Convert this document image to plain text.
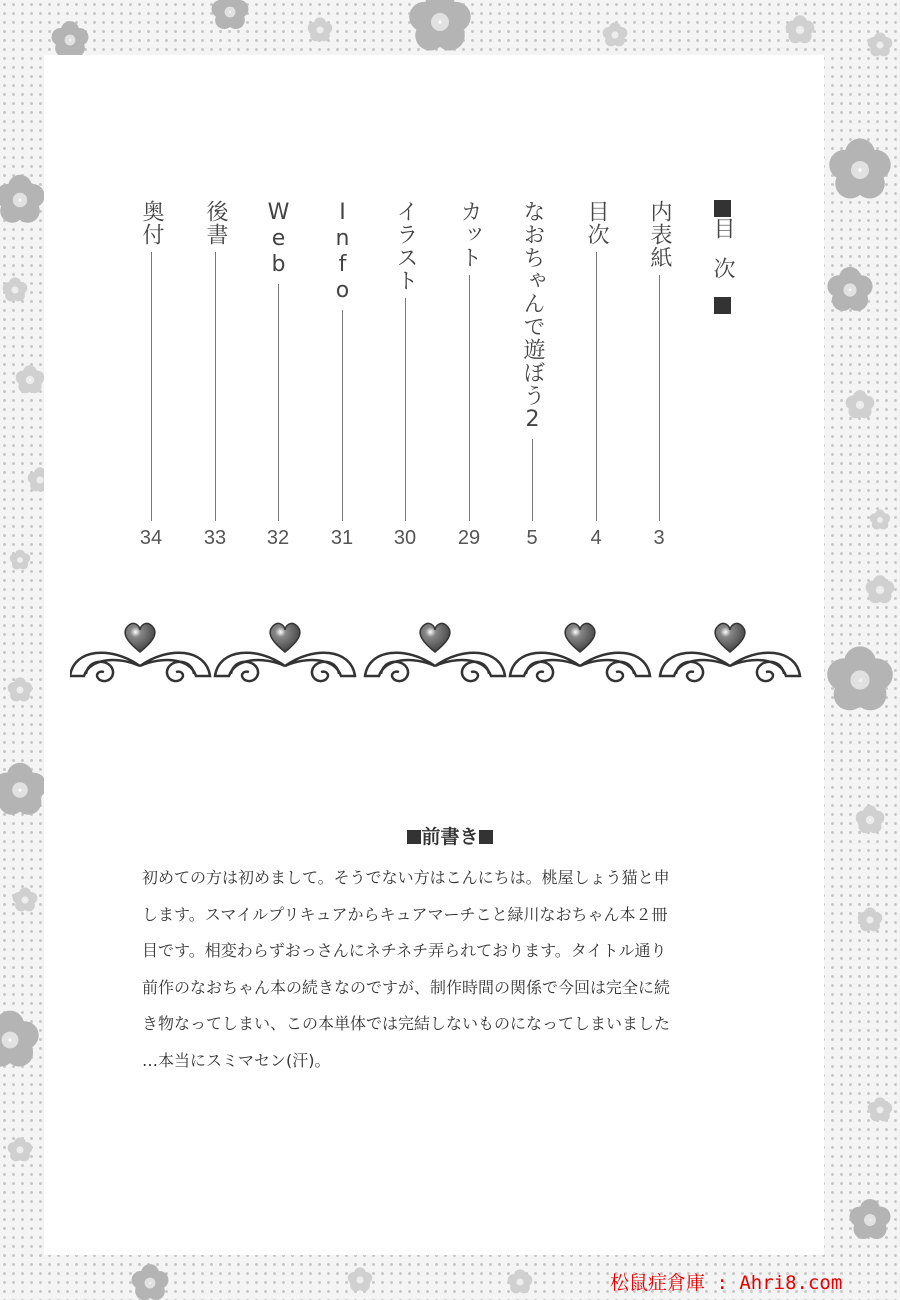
目次
内表紙
3
目次
4
なおちゃんで遊ぼう2
5
カット
29
イラスト
30
Info
31
Web
32
後書
33
奥付
34
前書き
初めての方は初めまして。そうでない方はこんにちは。桃屋しょう猫と申
します。スマイルプリキュアからキュアマーチこと緑川なおちゃん本２冊
目です。相変わらずおっさんにネチネチ弄られております。タイトル通り
前作のなおちゃん本の続きなのですが、制作時間の関係で今回は完全に続
き物なってしまい、この本単体では完結しないものになってしまいました
…本当にスミマセン(汗)。
松鼠症倉庫 : Ahri8.com
